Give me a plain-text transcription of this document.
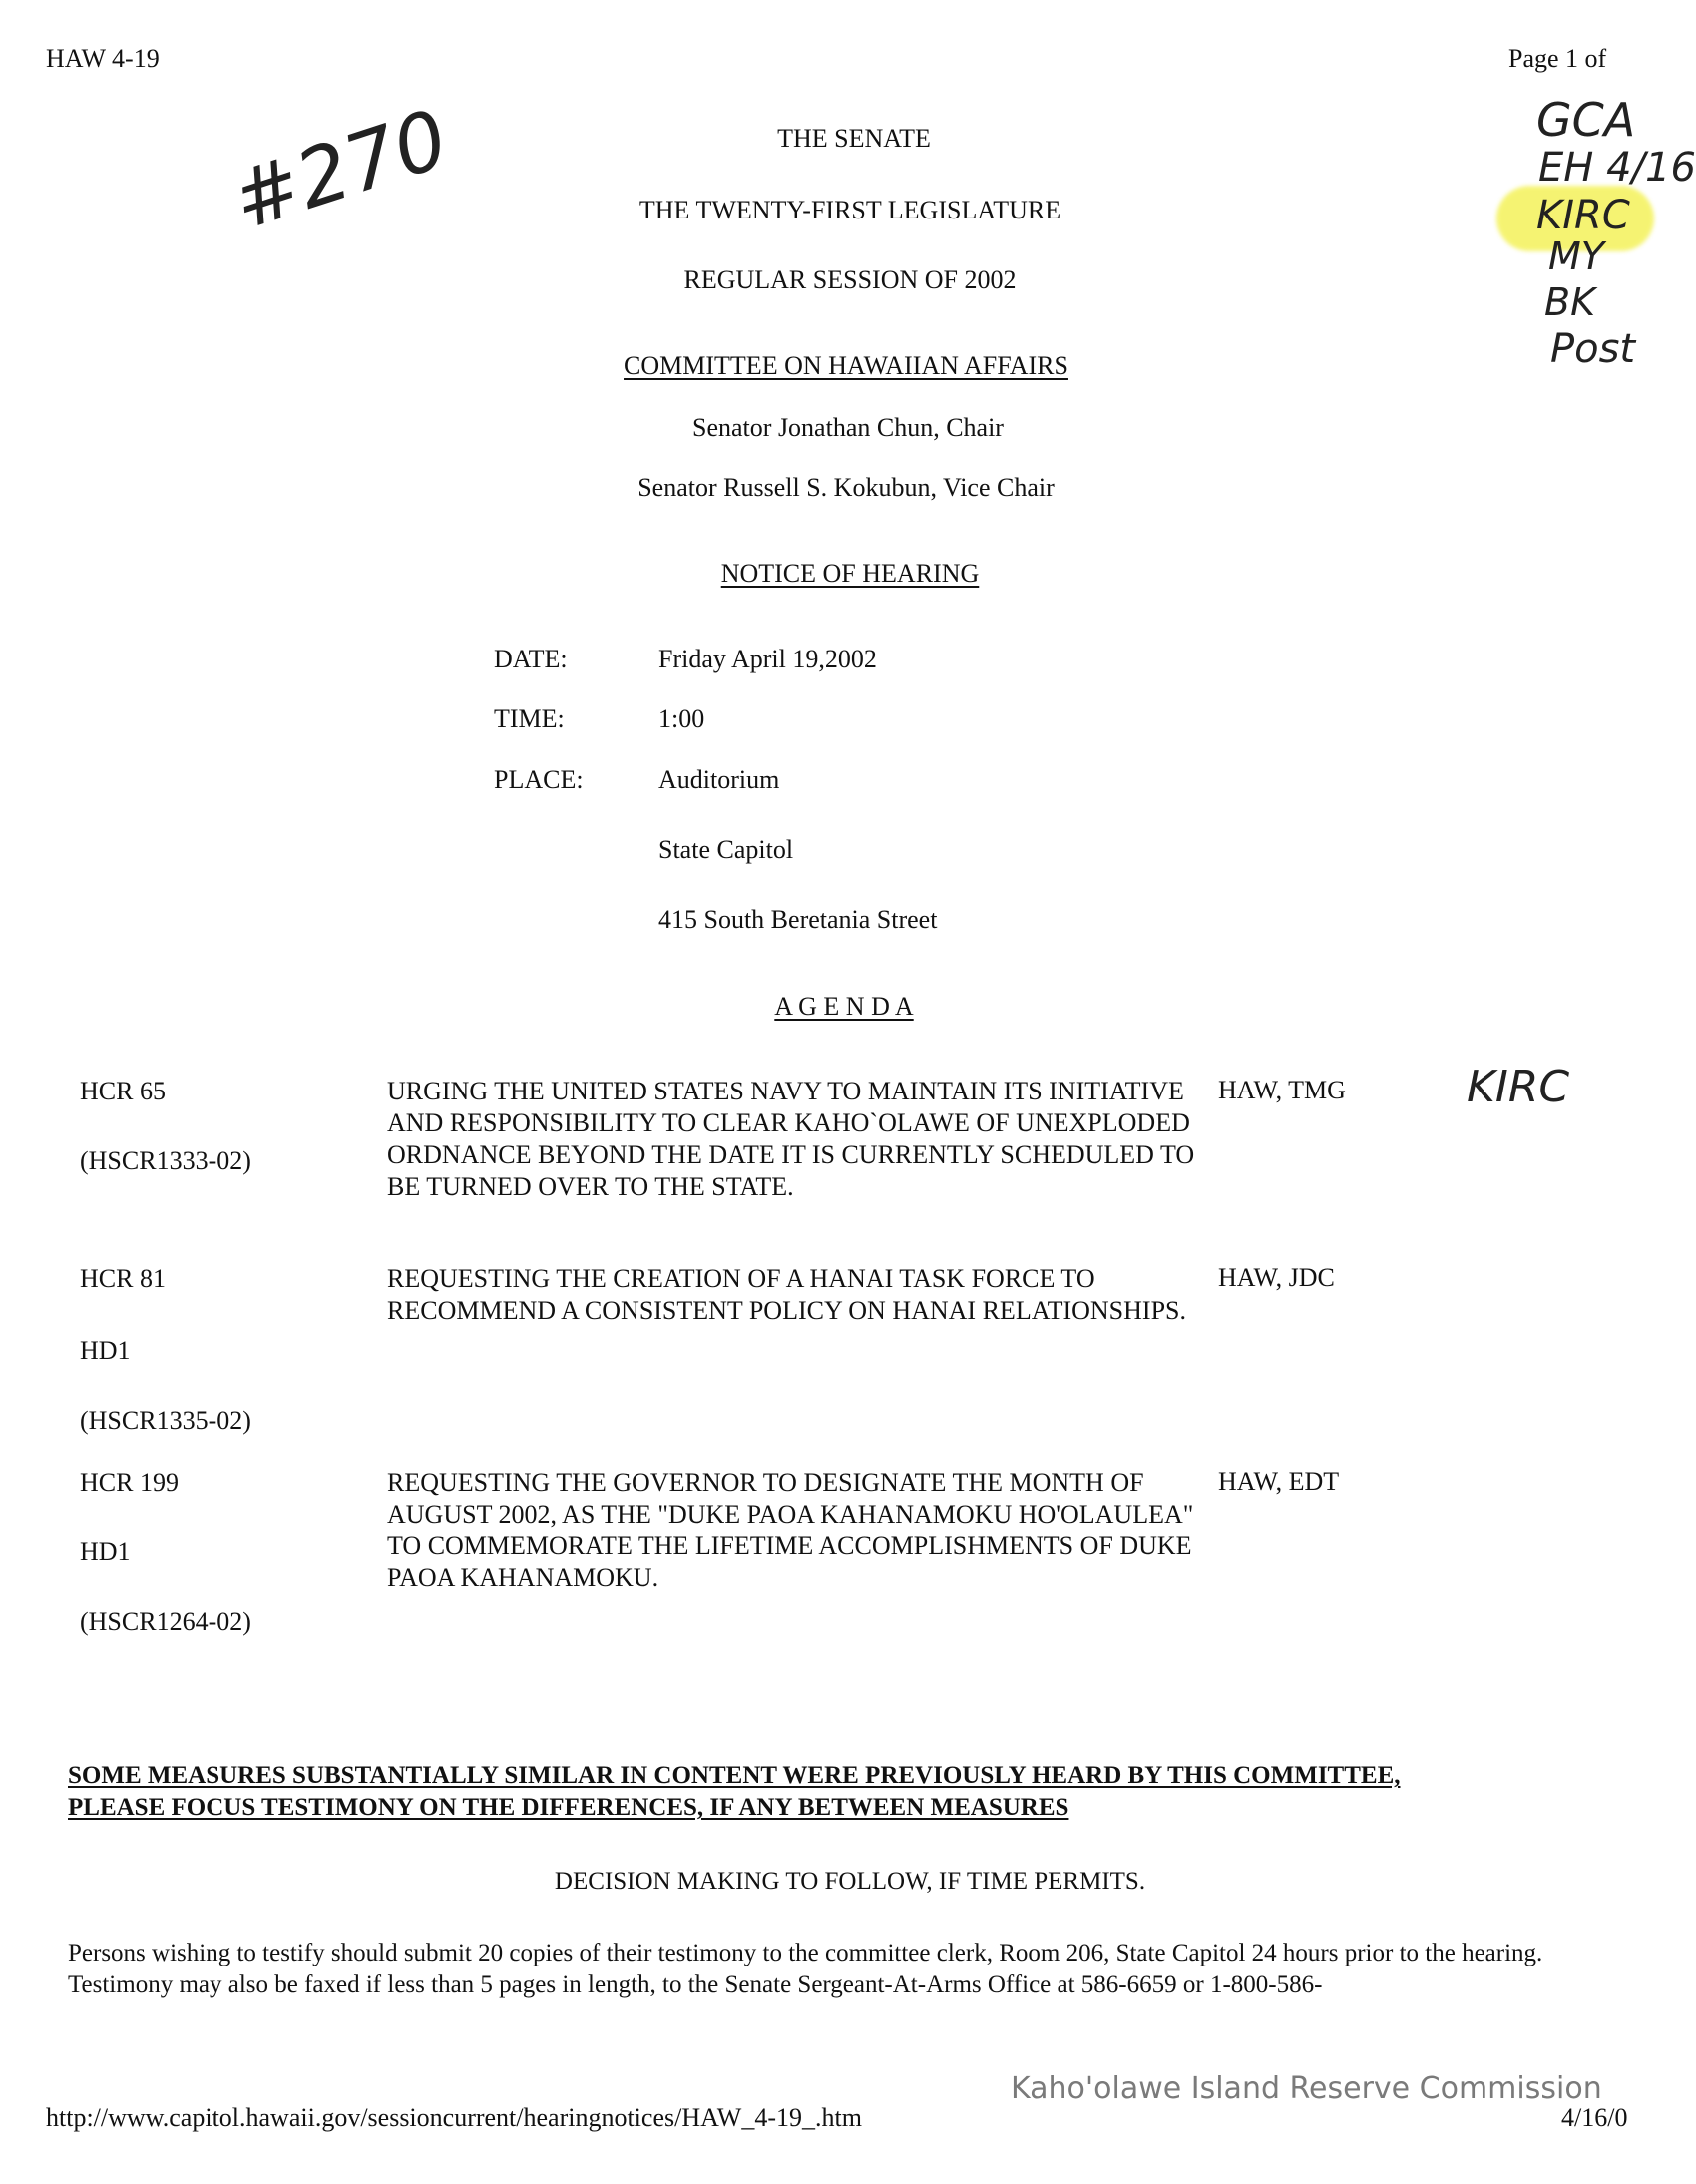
HAW 4-19	Page 1 of
#270	GCA
EH 4/16
KIRC
MY
BK
Post
THE SENATE
THE TWENTY-FIRST LEGISLATURE
REGULAR SESSION OF 2002
COMMITTEE ON HAWAIIAN AFFAIRS
Senator Jonathan Chun, Chair
Senator Russell S. Kokubun, Vice Chair
NOTICE OF HEARING
DATE:	Friday April 19,2002
TIME:	1:00
PLACE:	Auditorium
State Capitol
415 South Beretania Street
A G E N D A
HCR 65
(HSCR1333-02)
URGING THE UNITED STATES NAVY TO MAINTAIN ITS INITIATIVE AND RESPONSIBILITY TO CLEAR KAHO`OLAWE OF UNEXPLODED ORDNANCE BEYOND THE DATE IT IS CURRENTLY SCHEDULED TO BE TURNED OVER TO THE STATE.
HAW, TMG	KIRC
HCR 81
HD1
(HSCR1335-02)
REQUESTING THE CREATION OF A HANAI TASK FORCE TO RECOMMEND A CONSISTENT POLICY ON HANAI RELATIONSHIPS.
HAW, JDC
HCR 199
HD1
(HSCR1264-02)
REQUESTING THE GOVERNOR TO DESIGNATE THE MONTH OF AUGUST 2002, AS THE "DUKE PAOA KAHANAMOKU HO'OLAULEA" TO COMMEMORATE THE LIFETIME ACCOMPLISHMENTS OF DUKE PAOA KAHANAMOKU.
HAW, EDT
SOME MEASURES SUBSTANTIALLY SIMILAR IN CONTENT WERE PREVIOUSLY HEARD BY THIS COMMITTEE,
PLEASE FOCUS TESTIMONY ON THE DIFFERENCES, IF ANY BETWEEN MEASURES
DECISION MAKING TO FOLLOW, IF TIME PERMITS.
Persons wishing to testify should submit 20 copies of their testimony to the committee clerk, Room 206, State Capitol 24 hours prior to the hearing. Testimony may also be faxed if less than 5 pages in length, to the Senate Sergeant-At-Arms Office at 586-6659 or 1-800-586-
Kaho'olawe Island Reserve Commission
http://www.capitol.hawaii.gov/sessioncurrent/hearingnotices/HAW_4-19_.htm	4/16/0
